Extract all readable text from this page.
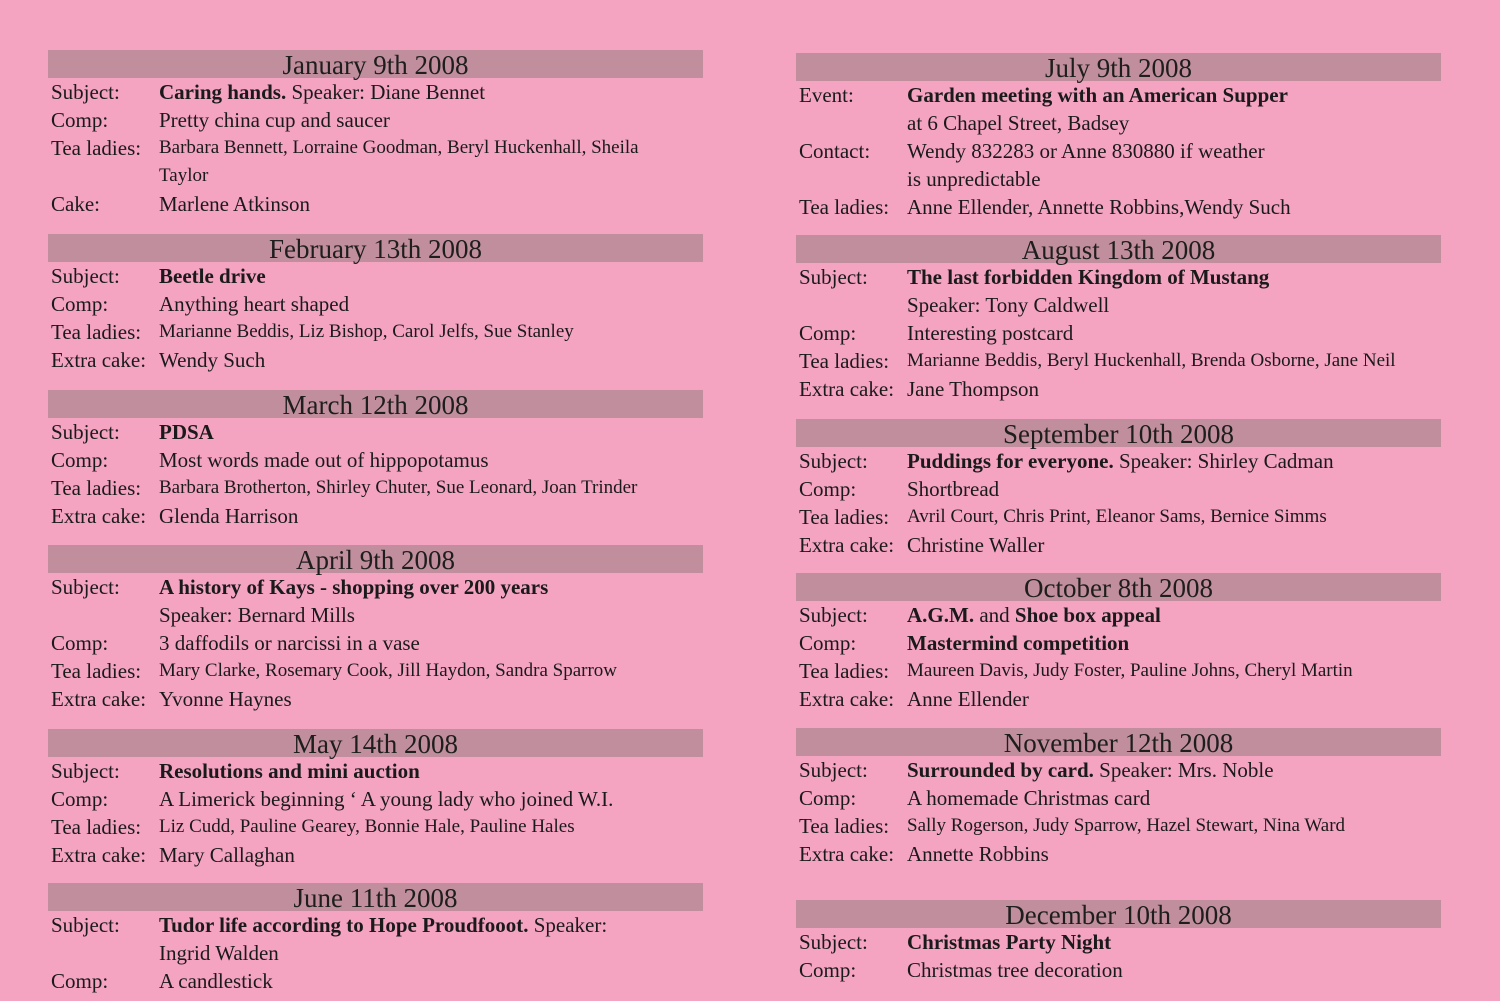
January 9th 2008
Subject: Caring hands. Speaker: Diane Bennet
Comp: Pretty china cup and saucer
Tea ladies: Barbara Bennett, Lorraine Goodman, Beryl Huckenhall, Sheila
Taylor
Cake:	Marlene Atkinson
February 13th 2008
Subject: Beetle drive
Comp: Anything heart shaped
Tea ladies: Marianne Beddis, Liz Bishop, Carol Jelfs, Sue Stanley
Extra cake: Wendy Such
March 12th 2008
Subject: PDSA
Comp: Most words made out of hippopotamus
Tea ladies: Barbara Brotherton, Shirley Chuter, Sue Leonard, Joan Trinder
Extra cake: Glenda Harrison
April 9th 2008
Subject: A history of Kays - shopping over 200 years
Speaker: Bernard Mills
Comp: 3 daffodils or narcissi in a vase
Tea ladies: Mary Clarke, Rosemary Cook, Jill Haydon, Sandra Sparrow
Extra cake: Yvonne Haynes
May 14th 2008
Subject: Resolutions and mini auction
Comp: A Limerick beginning ‘ A young lady who joined W.I.
Tea ladies: Liz Cudd, Pauline Gearey, Bonnie Hale, Pauline Hales
Extra cake: Mary Callaghan
June 11th 2008
Subject: Tudor life according to Hope Proudfooot. Speaker:
Ingrid Walden
Comp: A candlestick
July 9th 2008
Event:	Garden meeting with an American Supper
at 6 Chapel Street, Badsey
Contact: Wendy 832283 or Anne 830880 if weather
is unpredictable
Tea ladies: Anne Ellender, Annette Robbins,Wendy Such
August 13th 2008
Subject: The last forbidden Kingdom of Mustang
Speaker: Tony Caldwell
Comp: Interesting postcard
Tea ladies: Marianne Beddis, Beryl Huckenhall, Brenda Osborne, Jane Neil
Extra cake: Jane Thompson
September 10th 2008
Subject: Puddings for everyone. Speaker: Shirley Cadman
Comp: Shortbread
Tea ladies: Avril Court, Chris Print, Eleanor Sams, Bernice Simms
Extra cake: Christine Waller
October 8th 2008
Subject: A.G.M. and Shoe box appeal
Comp: Mastermind competition
Tea ladies: Maureen Davis, Judy Foster, Pauline Johns, Cheryl Martin
Extra cake: Anne Ellender
November 12th 2008
Subject: Surrounded by card. Speaker: Mrs. Noble
Comp: A homemade Christmas card
Tea ladies: Sally Rogerson, Judy Sparrow, Hazel Stewart, Nina Ward
Extra cake: Annette Robbins
December 10th 2008
Subject: Christmas Party Night
Comp: Christmas tree decoration
